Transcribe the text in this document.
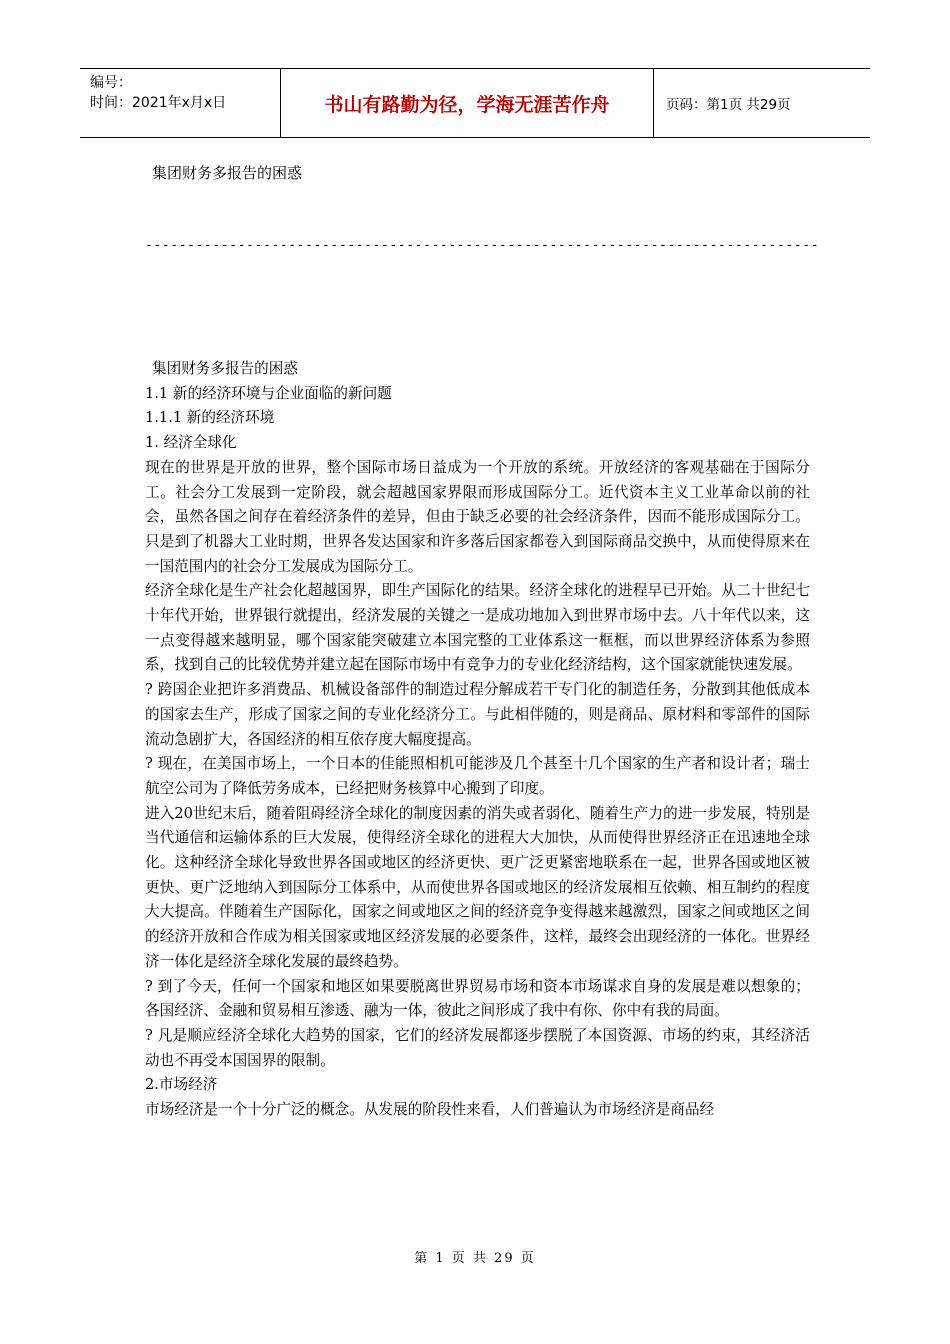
编号：
时间：2021年x月x日	书山有路勤为径，学海无涯苦作舟	页码：第1页 共29页
集团财务多报告的困惑
--------------------------------------------------------------------------------

集团财务多报告的困惑

1.1 新的经济环境与企业面临的新问题

1.1.1 新的经济环境

1. 经济全球化

现在的世界是开放的世界，整个国际市场日益成为一个开放的系统。开放经济的客观基础在于国际分工。社会分工发展到一定阶段，就会超越国家界限而形成国际分工。近代资本主义工业革命以前的社会，虽然各国之间存在着经济条件的差异，但由于缺乏必要的社会经济条件，因而不能形成国际分工。只是到了机器大工业时期，世界各发达国家和许多落后国家都卷入到国际商品交换中，从而使得原来在一国范围内的社会分工发展成为国际分工。

经济全球化是生产社会化超越国界，即生产国际化的结果。经济全球化的进程早已开始。从二十世纪七十年代开始，世界银行就提出，经济发展的关键之一是成功地加入到世界市场中去。八十年代以来，这一点变得越来越明显，哪个国家能突破建立本国完整的工业体系这一框框，而以世界经济体系为参照系，找到自己的比较优势并建立起在国际市场中有竞争力的专业化经济结构，这个国家就能快速发展。

? 跨国企业把许多消费品、机械设备部件的制造过程分解成若干专门化的制造任务，分散到其他低成本的国家去生产，形成了国家之间的专业化经济分工。与此相伴随的，则是商品、原材料和零部件的国际流动急剧扩大，各国经济的相互依存度大幅度提高。

? 现在，在美国市场上，一个日本的佳能照相机可能涉及几个甚至十几个国家的生产者和设计者；瑞士航空公司为了降低劳务成本，已经把财务核算中心搬到了印度。

进入20世纪末后，随着阻碍经济全球化的制度因素的消失或者弱化、随着生产力的进一步发展，特别是当代通信和运输体系的巨大发展，使得经济全球化的进程大大加快，从而使得世界经济正在迅速地全球化。这种经济全球化导致世界各国或地区的经济更快、更广泛更紧密地联系在一起，世界各国或地区被更快、更广泛地纳入到国际分工体系中，从而使世界各国或地区的经济发展相互依赖、相互制约的程度大大提高。伴随着生产国际化，国家之间或地区之间的经济竞争变得越来越激烈，国家之间或地区之间的经济开放和合作成为相关国家或地区经济发展的必要条件，这样，最终会出现经济的一体化。世界经济一体化是经济全球化发展的最终趋势。

? 到了今天，任何一个国家和地区如果要脱离世界贸易市场和资本市场谋求自身的发展是难以想象的；各国经济、金融和贸易相互渗透、融为一体，彼此之间形成了我中有你、你中有我的局面。

? 凡是顺应经济全球化大趋势的国家，它们的经济发展都逐步摆脱了本国资源、市场的约束，其经济活动也不再受本国国界的限制。

2.市场经济

市场经济是一个十分广泛的概念。从发展的阶段性来看，人们普遍认为市场经济是商品经

第 1 页 共 29 页
